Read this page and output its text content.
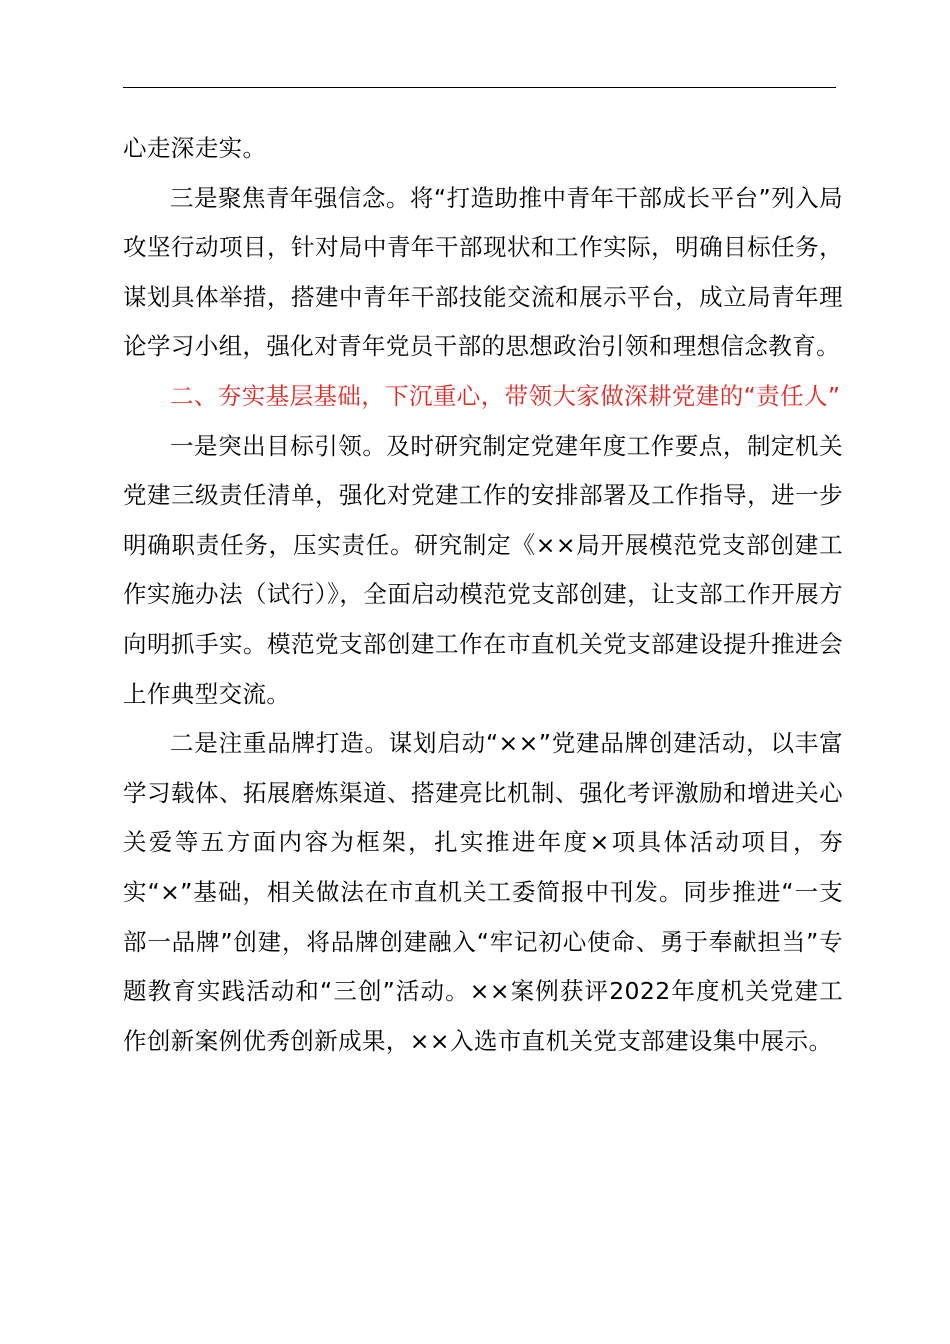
心走深走实。

三是聚焦青年强信念。将“打造助推中青年干部成长平台”列入局攻坚行动项目，针对局中青年干部现状和工作实际，明确目标任务，谋划具体举措，搭建中青年干部技能交流和展示平台，成立局青年理论学习小组，强化对青年党员干部的思想政治引领和理想信念教育。

二、夯实基层基础，下沉重心，带领大家做深耕党建的“责任人”

一是突出目标引领。及时研究制定党建年度工作要点，制定机关党建三级责任清单，强化对党建工作的安排部署及工作指导，进一步明确职责任务，压实责任。研究制定《××局开展模范党支部创建工作实施办法（试行）》，全面启动模范党支部创建，让支部工作开展方向明抓手实。模范党支部创建工作在市直机关党支部建设提升推进会上作典型交流。

二是注重品牌打造。谋划启动“××”党建品牌创建活动，以丰富学习载体、拓展磨炼渠道、搭建亮比机制、强化考评激励和增进关心关爱等五方面内容为框架，扎实推进年度×项具体活动项目，夯实“×”基础，相关做法在市直机关工委简报中刊发。同步推进“一支部一品牌”创建，将品牌创建融入“牢记初心使命、勇于奉献担当”专题教育实践活动和“三创”活动。××案例获评2022年度机关党建工作创新案例优秀创新成果，××入选市直机关党支部建设集中展示。
